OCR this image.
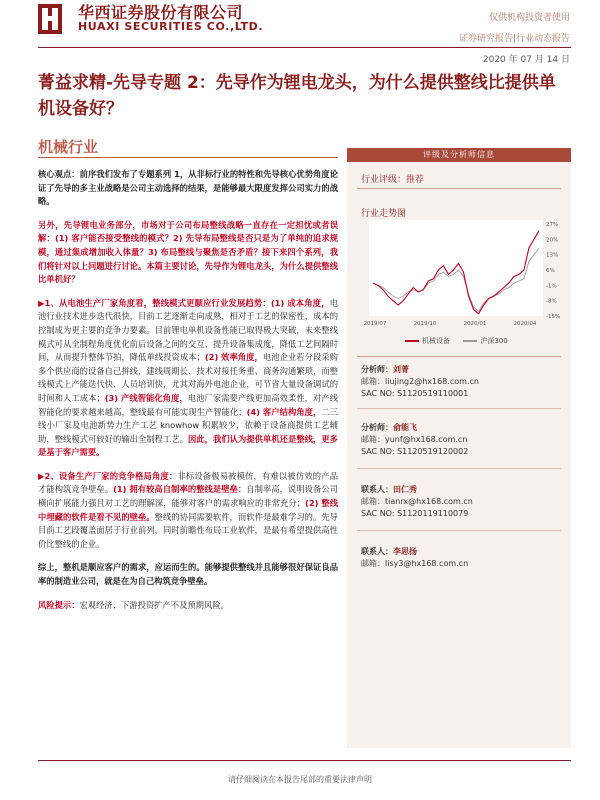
华西证券股份有限公司
HUAXI SECURITIES CO.,LTD.
仅供机构投资者使用
证券研究报告|行业动态报告
2020 年 07 月 14 日
菁益求精-先导专题 2：先导作为锂电龙头，为什么提供整线比提供单机设备好？
机械行业

核心观点：前序我们发布了专题系列 1，从非标行业的特性和先导核心优势角度论证了先导的多主业战略是公司主动选择的结果，是能够最大限度发挥公司实力的战略。

另外，先导锂电业务部分，市场对于公司布局整线战略一直存在一定担忧或者误解：(1) 客户能否接受整线的模式？2) 先导布局整线是否只是为了单纯的追求规模，通过集成增加收入体量？3) 布局整线与聚焦是否矛盾？接下来四个系列，我们将针对以上问题进行讨论。本篇主要讨论，先导作为锂电龙头，为什么提供整线比单机好？

▶1、从电池生产厂家角度看，整线模式更顺应行业发展趋势：(1) 成本角度，电池行业技术进步迭代很快，目前工艺逐渐走向成熟，相对于工艺的保密性，成本的控制成为更主要的竞争力要素。目前锂电单机设备性能已取得极大突破，未来整线模式可从全制程角度优化前后设备之间的交互、提升设备集成度，降低工艺间隔时间，从而提升整体节拍，降低单线投资成本；(2) 效率角度，电池企业若分段采购多个供应商的设备自己拼线，建线周期长、技术对接任务重、商务沟通繁琐，而整线模式上产能迭代快、人员培训快，尤其对海外电池企业，可节省大量设备调试的时间和人工成本；(3) 产线智能化角度，电池厂家需要产线更加高效柔性，对产线智能化的要求越来越高，整线最有可能实现生产智能化；(4) 客户结构角度，二三线小厂家及电池新势力生产工艺 knowhow 积累较少，依赖于设备商提供工艺辅助，整线模式可较好的输出全制程工艺。因此，我们认为提供单机还是整线，更多是基于客户需要。

▶2、设备生产厂家的竞争格局角度：非标设备极易被模仿，有难以被仿效的产品才能构筑竞争壁垒。(1) 拥有较高自制率的整线是壁垒：自制率高，说明设备公司横向扩展能力强且对工艺的理解深，能够对客户的需求响应的非常充分；(2) 整线中埋藏的软件是看不见的壁垒。整线的协同需要软件，而软件是最难学习的。先导目前工艺段覆盖面居于行业前列，同时前瞻性布局工业软件，是最有希望提供高性价比整线的企业。

综上，整机是顺应客户的需求，应运而生的。能够提供整线并且能够很好保证良品率的制造业公司，就是在为自己构筑竞争壁垒。

风险提示：宏观经济、下游投资扩产不及预期风险。

评级及分析师信息
行业评级：推荐
行业走势图
27%
20%
13%
6%
-1%
-8%
-15%
2019/07	2019/10	2020/01	2020/04
机械设备	沪深300
分析师：刘菁
邮箱：liujing2@hx168.com.cn
SAC NO: S1120519110001
分析师：俞能飞
邮箱：yunf@hx168.com.cn
SAC NO: S1120519120002
联系人：田仁秀
邮箱：tianrx@hx168.com.cn
SAC NO: S1120119110079
联系人：李思扬
邮箱：lisy3@hx168.com.cn
请仔细阅读在本报告尾部的重要法律声明
